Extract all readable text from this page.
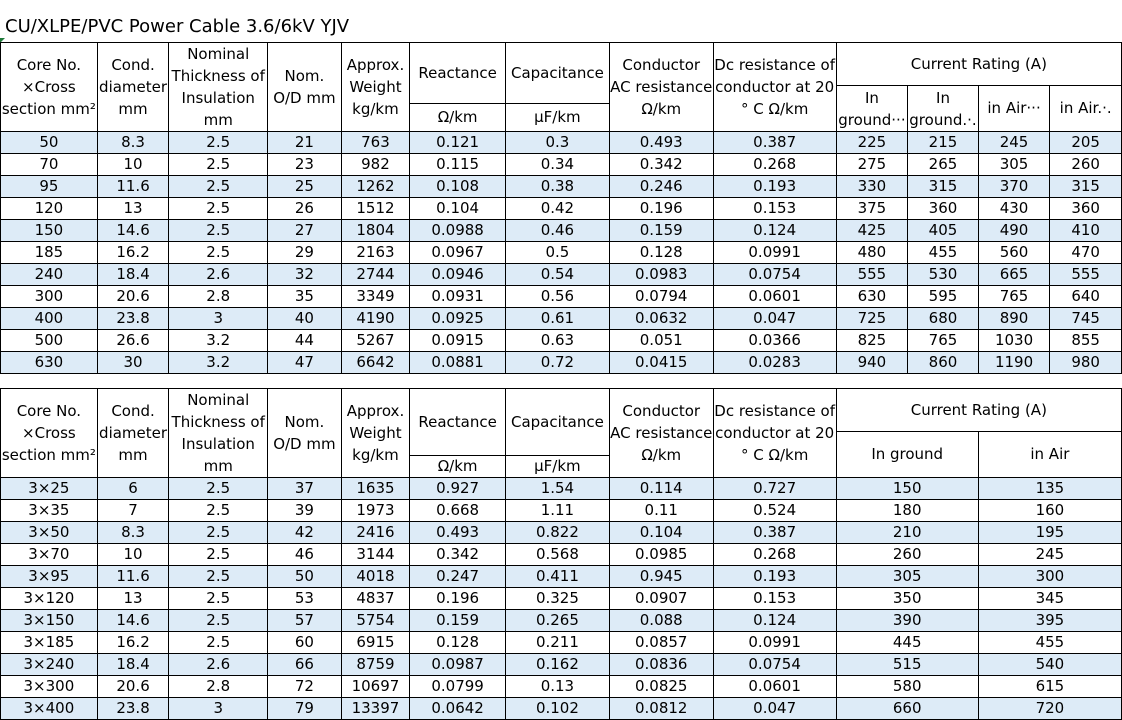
CU/XLPE/PVC Power Cable 3.6/6kV YJV
Core No. ×Cross section mm²	Cond. diameter mm	Nominal Thickness of Insulation mm	Nom. O/D mm	Approx. Weight kg/km	Reactance	Capacitance	Conductor AC resistance Ω/km	Dc resistance of conductor at 20 ° C Ω/km	Current Rating (A)			
									In ground···	In ground.·.	in Air···	in Air.·.
					Ω/km	μF/km						
50	8.3	2.5	21	763	0.121	0.3	0.493	0.387	225	215	245	205
70	10	2.5	23	982	0.115	0.34	0.342	0.268	275	265	305	260
95	11.6	2.5	25	1262	0.108	0.38	0.246	0.193	330	315	370	315
120	13	2.5	26	1512	0.104	0.42	0.196	0.153	375	360	430	360
150	14.6	2.5	27	1804	0.0988	0.46	0.159	0.124	425	405	490	410
185	16.2	2.5	29	2163	0.0967	0.5	0.128	0.0991	480	455	560	470
240	18.4	2.6	32	2744	0.0946	0.54	0.0983	0.0754	555	530	665	555
300	20.6	2.8	35	3349	0.0931	0.56	0.0794	0.0601	630	595	765	640
400	23.8	3	40	4190	0.0925	0.61	0.0632	0.047	725	680	890	745
500	26.6	3.2	44	5267	0.0915	0.63	0.051	0.0366	825	765	1030	855
630	30	3.2	47	6642	0.0881	0.72	0.0415	0.0283	940	860	1190	980
Core No. ×Cross section mm²	Cond. diameter mm	Nominal Thickness of Insulation mm	Nom. O/D mm	Approx. Weight kg/km	Reactance	Capacitance	Conductor AC resistance Ω/km	Dc resistance of conductor at 20 ° C Ω/km	Current Rating (A)	
									In ground	in Air
					Ω/km	μF/km				
3×25	6	2.5	37	1635	0.927	1.54	0.114	0.727	150	135
3×35	7	2.5	39	1973	0.668	1.11	0.11	0.524	180	160
3×50	8.3	2.5	42	2416	0.493	0.822	0.104	0.387	210	195
3×70	10	2.5	46	3144	0.342	0.568	0.0985	0.268	260	245
3×95	11.6	2.5	50	4018	0.247	0.411	0.945	0.193	305	300
3×120	13	2.5	53	4837	0.196	0.325	0.0907	0.153	350	345
3×150	14.6	2.5	57	5754	0.159	0.265	0.088	0.124	390	395
3×185	16.2	2.5	60	6915	0.128	0.211	0.0857	0.0991	445	455
3×240	18.4	2.6	66	8759	0.0987	0.162	0.0836	0.0754	515	540
3×300	20.6	2.8	72	10697	0.0799	0.13	0.0825	0.0601	580	615
3×400	23.8	3	79	13397	0.0642	0.102	0.0812	0.047	660	720
